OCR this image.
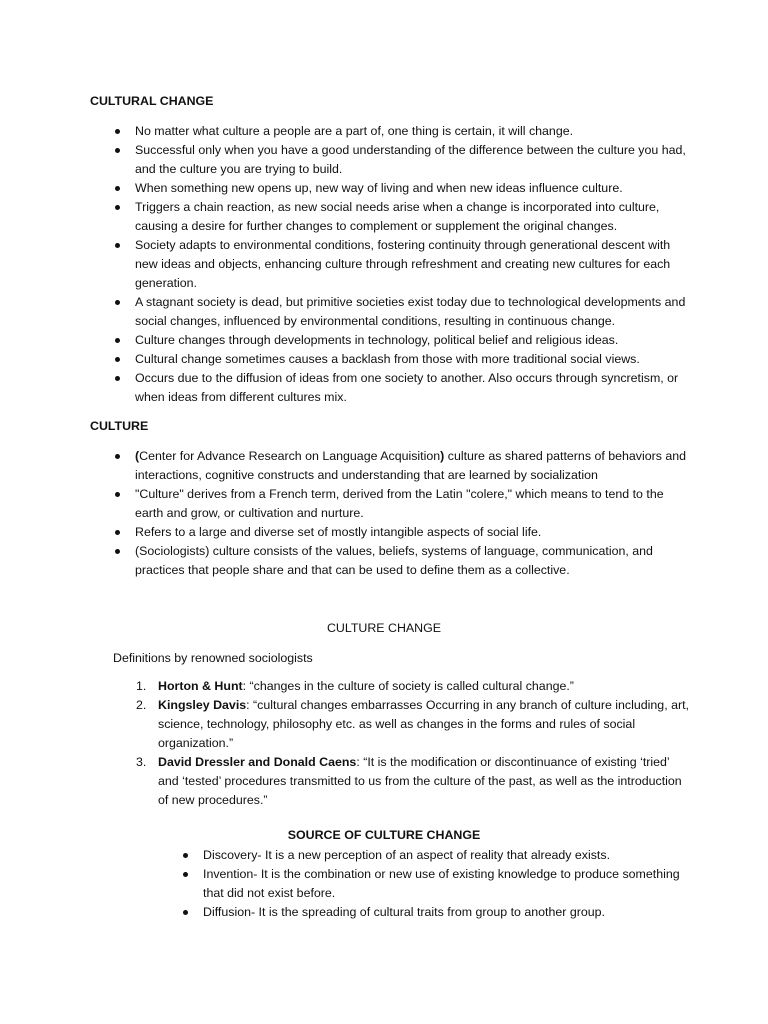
CULTURAL CHANGE
No matter what culture a people are a part of, one thing is certain, it will change.
Successful only when you have a good understanding of the difference between the culture you had, and the culture you are trying to build.
When something new opens up, new way of living and when new ideas influence culture.
Triggers a chain reaction, as new social needs arise when a change is incorporated into culture, causing a desire for further changes to complement or supplement the original changes.
Society adapts to environmental conditions, fostering continuity through generational descent with new ideas and objects, enhancing culture through refreshment and creating new cultures for each generation.
A stagnant society is dead, but primitive societies exist today due to technological developments and social changes, influenced by environmental conditions, resulting in continuous change.
Culture changes through developments in technology, political belief and religious ideas.
Cultural change sometimes causes a backlash from those with more traditional social views.
Occurs due to the diffusion of ideas from one society to another. Also occurs through syncretism, or when ideas from different cultures mix.
CULTURE
(Center for Advance Research on Language Acquisition) culture as shared patterns of behaviors and interactions, cognitive constructs and understanding that are learned by socialization
"Culture" derives from a French term, derived from the Latin "colere," which means to tend to the earth and grow, or cultivation and nurture.
Refers to a large and diverse set of mostly intangible aspects of social life.
(Sociologists) culture consists of the values, beliefs, systems of language, communication, and practices that people share and that can be used to define them as a collective.

CULTURE CHANGE

Definitions by renowned sociologists

1. Horton & Hunt: “changes in the culture of society is called cultural change.”
2. Kingsley Davis: “cultural changes embarrasses Occurring in any branch of culture including, art, science, technology, philosophy etc. as well as changes in the forms and rules of social organization.”
3. David Dressler and Donald Caens: “It is the modification or discontinuance of existing ‘tried’ and ‘tested’ procedures transmitted to us from the culture of the past, as well as the introduction of new procedures.”

SOURCE OF CULTURE CHANGE

Discovery- It is a new perception of an aspect of reality that already exists.
Invention- It is the combination or new use of existing knowledge to produce something that did not exist before.
Diffusion- It is the spreading of cultural traits from group to another group.
